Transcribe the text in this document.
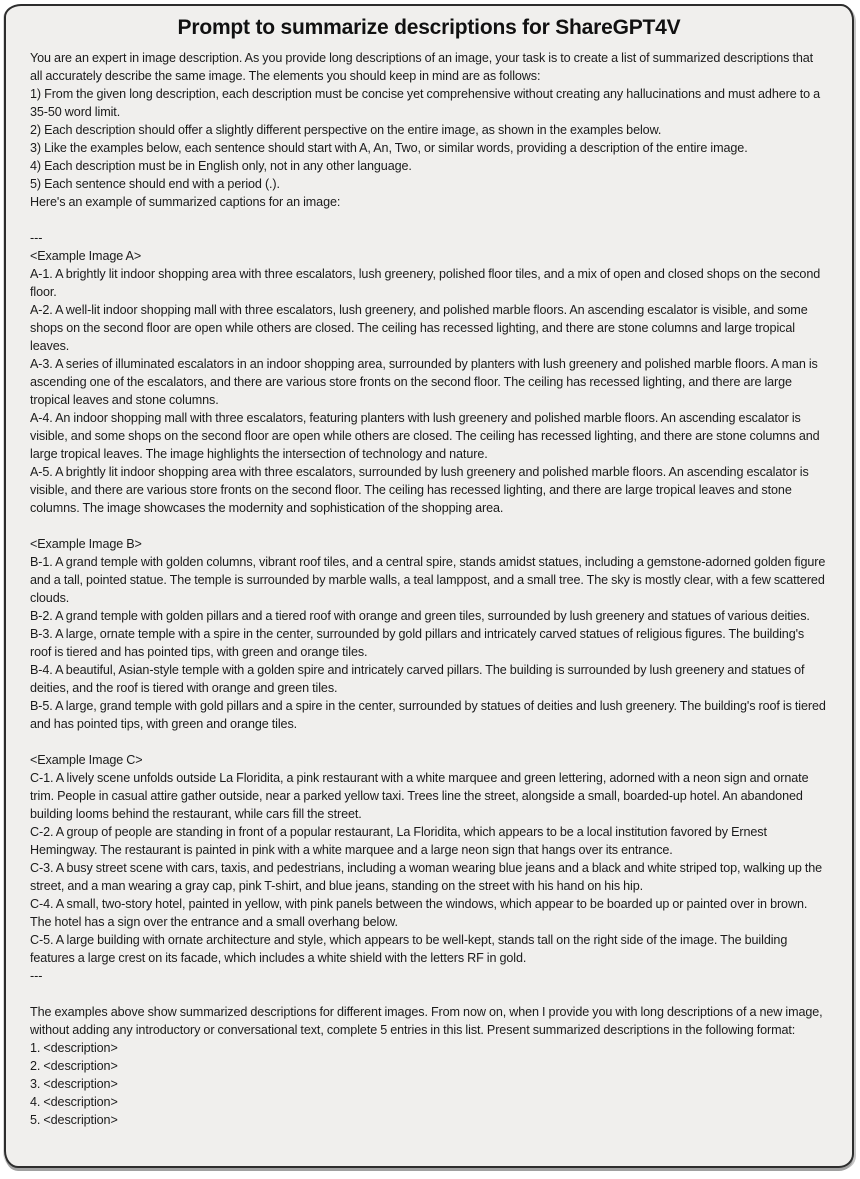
Prompt to summarize descriptions for ShareGPT4V

You are an expert in image description. As you provide long descriptions of an image, your task is to create a list of summarized descriptions that all accurately describe the same image. The elements you should keep in mind are as follows:

1) From the given long description, each description must be concise yet comprehensive without creating any hallucinations and must adhere to a 35-50 word limit.

2) Each description should offer a slightly different perspective on the entire image, as shown in the examples below.

3) Like the examples below, each sentence should start with A, An, Two, or similar words, providing a description of the entire image.

4) Each description must be in English only, not in any other language.

5) Each sentence should end with a period (.).

Here's an example of summarized captions for an image:

---

<Example Image A>

A-1. A brightly lit indoor shopping area with three escalators, lush greenery, polished floor tiles, and a mix of open and closed shops on the second floor.

A-2. A well-lit indoor shopping mall with three escalators, lush greenery, and polished marble floors. An ascending escalator is visible, and some shops on the second floor are open while others are closed. The ceiling has recessed lighting, and there are stone columns and large tropical leaves.

A-3. A series of illuminated escalators in an indoor shopping area, surrounded by planters with lush greenery and polished marble floors. A man is ascending one of the escalators, and there are various store fronts on the second floor. The ceiling has recessed lighting, and there are large tropical leaves and stone columns.

A-4. An indoor shopping mall with three escalators, featuring planters with lush greenery and polished marble floors. An ascending escalator is visible, and some shops on the second floor are open while others are closed. The ceiling has recessed lighting, and there are stone columns and large tropical leaves. The image highlights the intersection of technology and nature.

A-5. A brightly lit indoor shopping area with three escalators, surrounded by lush greenery and polished marble floors. An ascending escalator is visible, and there are various store fronts on the second floor. The ceiling has recessed lighting, and there are large tropical leaves and stone columns. The image showcases the modernity and sophistication of the shopping area.

<Example Image B>

B-1. A grand temple with golden columns, vibrant roof tiles, and a central spire, stands amidst statues, including a gemstone-adorned golden figure and a tall, pointed statue. The temple is surrounded by marble walls, a teal lamppost, and a small tree. The sky is mostly clear, with a few scattered clouds.

B-2. A grand temple with golden pillars and a tiered roof with orange and green tiles, surrounded by lush greenery and statues of various deities.

B-3. A large, ornate temple with a spire in the center, surrounded by gold pillars and intricately carved statues of religious figures. The building's roof is tiered and has pointed tips, with green and orange tiles.

B-4. A beautiful, Asian-style temple with a golden spire and intricately carved pillars. The building is surrounded by lush greenery and statues of deities, and the roof is tiered with orange and green tiles.

B-5. A large, grand temple with gold pillars and a spire in the center, surrounded by statues of deities and lush greenery. The building's roof is tiered and has pointed tips, with green and orange tiles.

<Example Image C>

C-1. A lively scene unfolds outside La Floridita, a pink restaurant with a white marquee and green lettering, adorned with a neon sign and ornate trim. People in casual attire gather outside, near a parked yellow taxi. Trees line the street, alongside a small, boarded-up hotel. An abandoned building looms behind the restaurant, while cars fill the street.

C-2. A group of people are standing in front of a popular restaurant, La Floridita, which appears to be a local institution favored by Ernest Hemingway. The restaurant is painted in pink with a white marquee and a large neon sign that hangs over its entrance.

C-3. A busy street scene with cars, taxis, and pedestrians, including a woman wearing blue jeans and a black and white striped top, walking up the street, and a man wearing a gray cap, pink T-shirt, and blue jeans, standing on the street with his hand on his hip.

C-4. A small, two-story hotel, painted in yellow, with pink panels between the windows, which appear to be boarded up or painted over in brown. The hotel has a sign over the entrance and a small overhang below.

C-5. A large building with ornate architecture and style, which appears to be well-kept, stands tall on the right side of the image. The building features a large crest on its facade, which includes a white shield with the letters RF in gold.

---

The examples above show summarized descriptions for different images. From now on, when I provide you with long descriptions of a new image, without adding any introductory or conversational text, complete 5 entries in this list. Present summarized descriptions in the following format:

1. <description>

2. <description>

3. <description>

4. <description>

5. <description>
